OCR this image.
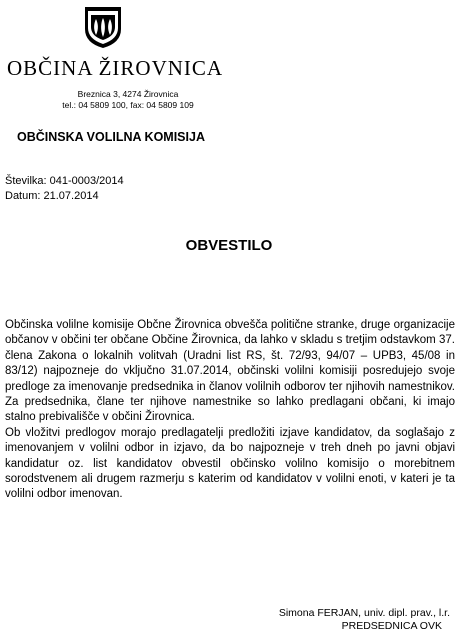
OBČINA ŽIROVNICA
Breznica 3, 4274 Žirovnica
tel.: 04 5809 100, fax: 04 5809 109
OBČINSKA VOLILNA KOMISIJA
Številka: 041-0003/2014
Datum: 21.07.2014
OBVESTILO

Občinska volilne komisije Občne Žirovnica obvešča politične stranke, druge organizacije občanov v občini ter občane Občine Žirovnica, da lahko v skladu s tretjim odstavkom 37. člena Zakona o lokalnih volitvah (Uradni list RS, št. 72/93, 94/07 – UPB3, 45/08 in 83/12) najpozneje do vključno 31.07.2014, občinski volilni komisiji posredujejo svoje predloge za imenovanje predsednika in članov volilnih odborov ter njihovih namestnikov. Za predsednika, člane ter njihove namestnike so lahko predlagani občani, ki imajo stalno prebivališče v občini Žirovnica.

Ob vložitvi predlogov morajo predlagatelji predložiti izjave kandidatov, da soglašajo z imenovanjem v volilni odbor in izjavo, da bo najpozneje v treh dneh po javni objavi kandidatur oz. list kandidatov obvestil občinsko volilno komisijo o morebitnem sorodstvenem ali drugem razmerju s katerim od kandidatov v volilni enoti, v kateri je ta volilni odbor imenovan.

Simona FERJAN, univ. dipl. prav., l.r.
PREDSEDNICA OVK
